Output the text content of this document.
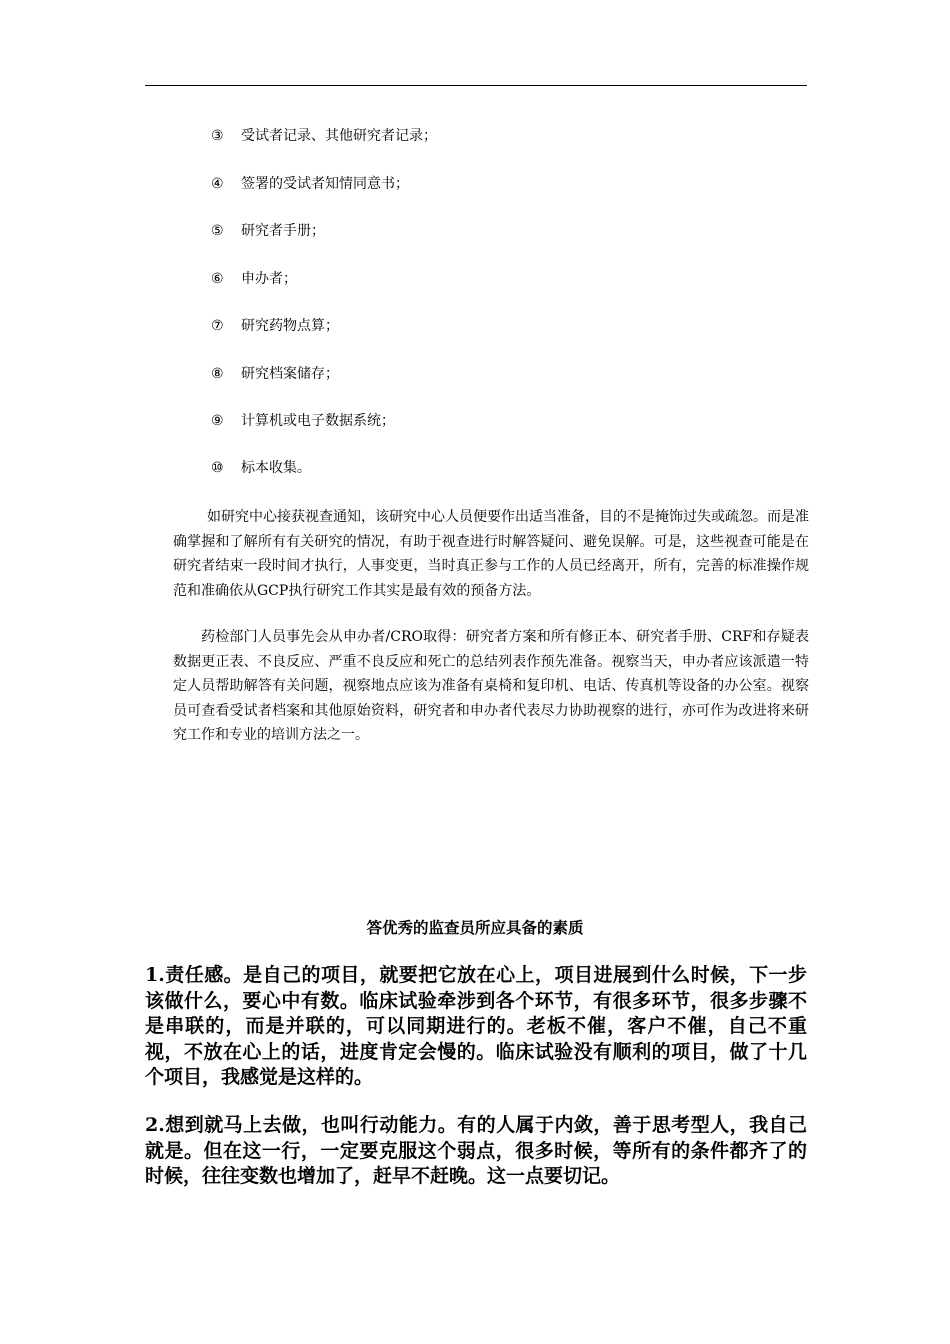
③ 受试者记录、其他研究者记录；
④ 签署的受试者知情同意书；
⑤ 研究者手册；
⑥ 申办者；
⑦ 研究药物点算；
⑧ 研究档案储存；
⑨ 计算机或电子数据系统；
⑩ 标本收集。

如研究中心接获视查通知，该研究中心人员便要作出适当准备，目的不是掩饰过失或疏忽。而是准确掌握和了解所有有关研究的情况，有助于视查进行时解答疑问、避免误解。可是，这些视查可能是在研究者结束一段时间才执行，人事变更，当时真正参与工作的人员已经离开，所有，完善的标准操作规范和准确依从GCP执行研究工作其实是最有效的预备方法。

药检部门人员事先会从申办者/CRO取得：研究者方案和所有修正本、研究者手册、CRF和存疑表数据更正表、不良反应、严重不良反应和死亡的总结列表作预先准备。视察当天，申办者应该派遣一特定人员帮助解答有关问题，视察地点应该为准备有桌椅和复印机、电话、传真机等设备的办公室。视察员可查看受试者档案和其他原始资料，研究者和申办者代表尽力协助视察的进行，亦可作为改进将来研究工作和专业的培训方法之一。

答优秀的监查员所应具备的素质

1.责任感。是自己的项目，就要把它放在心上，项目进展到什么时候，下一步该做什么，要心中有数。临床试验牵涉到各个环节，有很多环节，很多步骤不是串联的，而是并联的，可以同期进行的。老板不催，客户不催，自己不重视，不放在心上的话，进度肯定会慢的。临床试验没有顺利的项目，做了十几个项目，我感觉是这样的。

2.想到就马上去做，也叫行动能力。有的人属于内敛，善于思考型人，我自己就是。但在这一行，一定要克服这个弱点，很多时候，等所有的条件都齐了的时候，往往变数也增加了，赶早不赶晚。这一点要切记。
